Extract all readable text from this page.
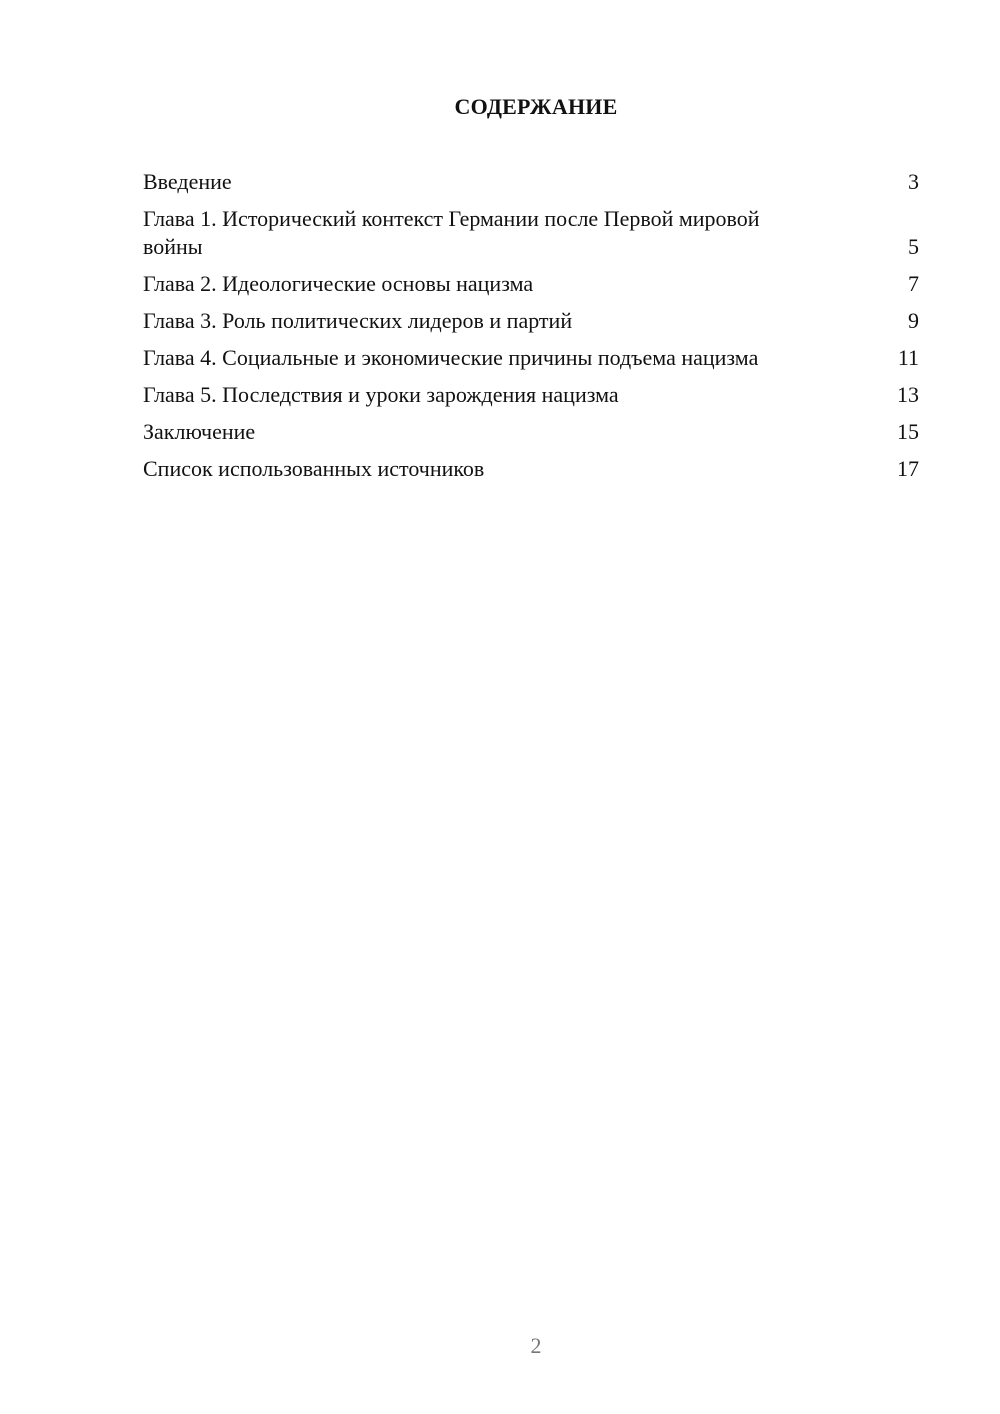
СОДЕРЖАНИЕ
Введение	3
Глава 1. Исторический контекст Германии после Первой мировой войны	5
Глава 2. Идеологические основы нацизма	7
Глава 3. Роль политических лидеров и партий	9
Глава 4. Социальные и экономические причины подъема нацизма	11
Глава 5. Последствия и уроки зарождения нацизма	13
Заключение	15
Список использованных источников	17
2
